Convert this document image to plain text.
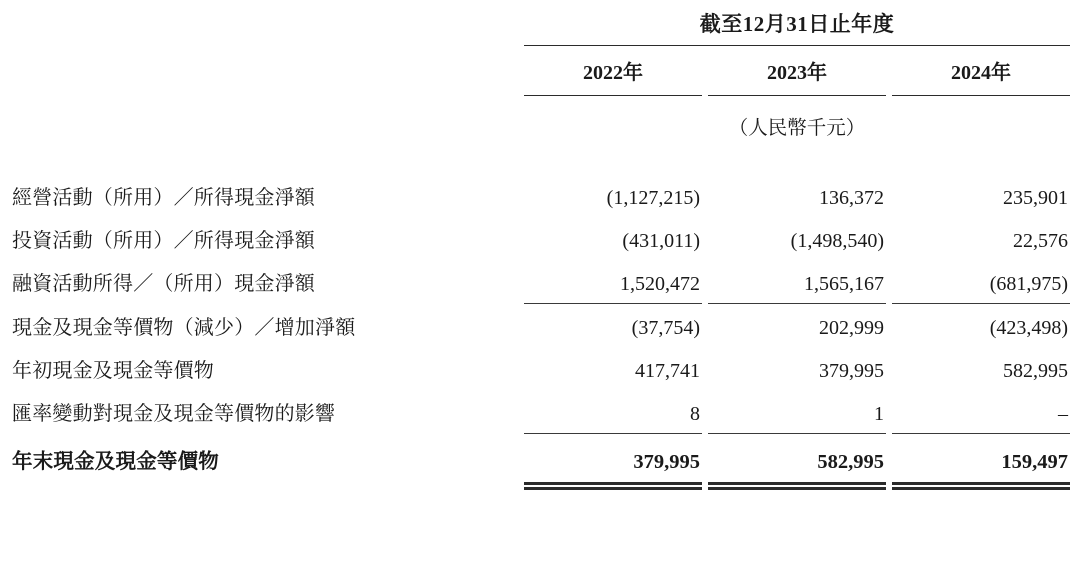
	截至12月31日止年度				

	2022年		2023年		2024年

			（人民幣千元）		

經營活動（所用）／所得現金淨額	(1,127,215)		136,372		235,901
投資活動（所用）／所得現金淨額	(431,011)		(1,498,540)		22,576
融資活動所得／（所用）現金淨額	1,520,472		1,565,167		(681,975)

現金及現金等價物（減少）／增加淨額	(37,754)		202,999		(423,498)
年初現金及現金等價物	417,741		379,995		582,995
匯率變動對現金及現金等價物的影響	8		1		–

年末現金及現金等價物	379,995		582,995		159,497
